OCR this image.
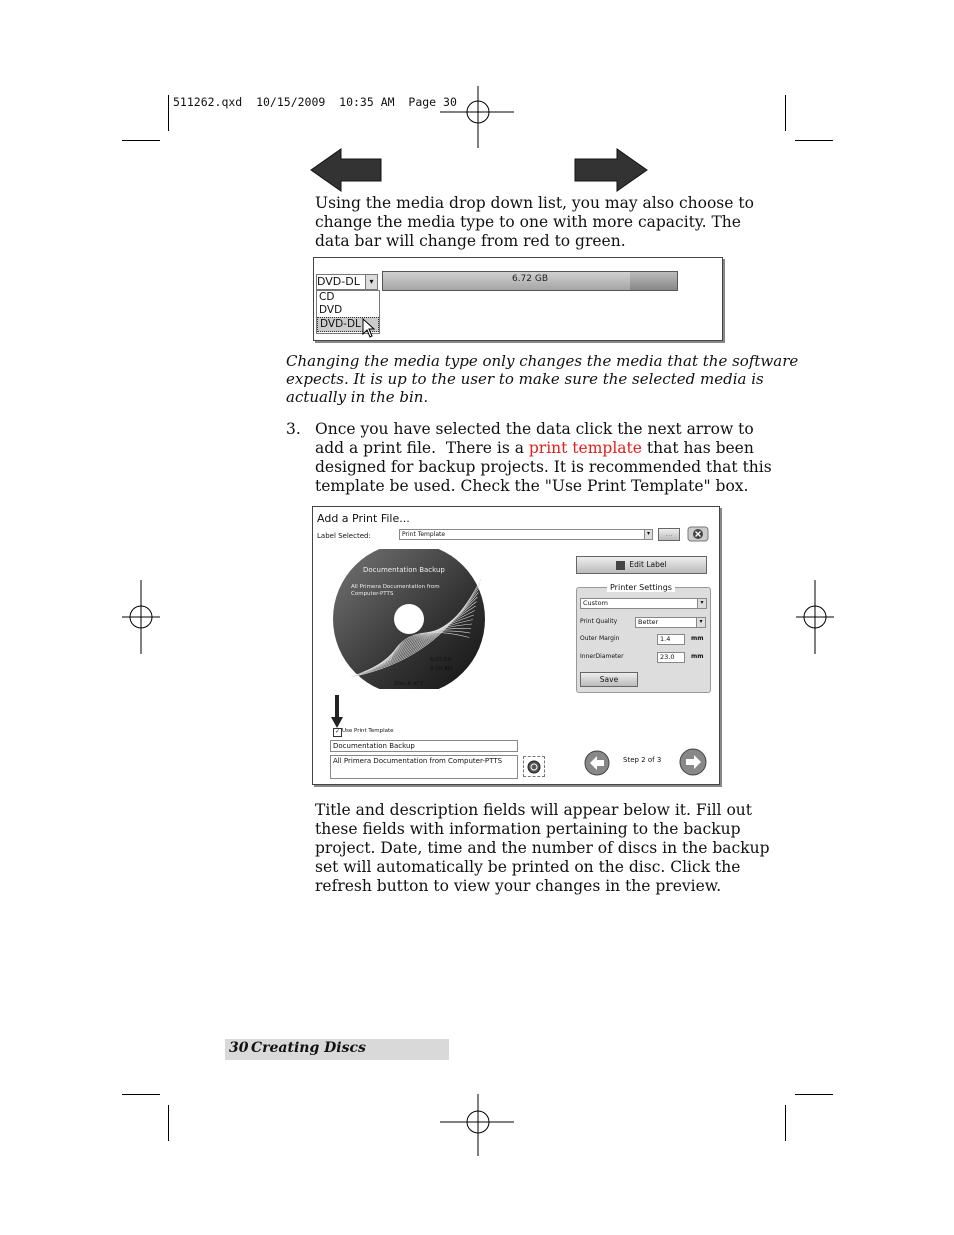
511262.qxd  10/15/2009  10:35 AM  Page 30
Using the media drop down list, you may also choose to
change the media type to one with more capacity. The
data bar will change from red to green.
DVD-DL	▾
CD
DVD
DVD-DL
6.72 GB
Changing the media type only changes the media that the software
expects. It is up to the user to make sure the selected media is
actually in the bin.
3. Once you have selected the data click the next arrow to
add a print file.  There is a print template that has been
designed for backup projects. It is recommended that this
template be used. Check the "Use Print Template" box.
Add a Print File...
Label Selected:	Print Template	▾	...
Documentation Backup
All Primera Documentation from Computer-PTTS
6/25/09
9:00 AM
Disc X of Y
Edit Label
Printer Settings
Custom	▾
Print Quality	Better	▾
Outer Margin	1.4	mm
InnerDiameter	23.0	mm
Save
✓ Use Print Template
Documentation Backup
All Primera Documentation from Computer-PTTS	Step 2 of 3
Title and description fields will appear below it. Fill out
these fields with information pertaining to the backup
project. Date, time and the number of discs in the backup
set will automatically be printed on the disc. Click the
refresh button to view your changes in the preview.
30 Creating Discs
